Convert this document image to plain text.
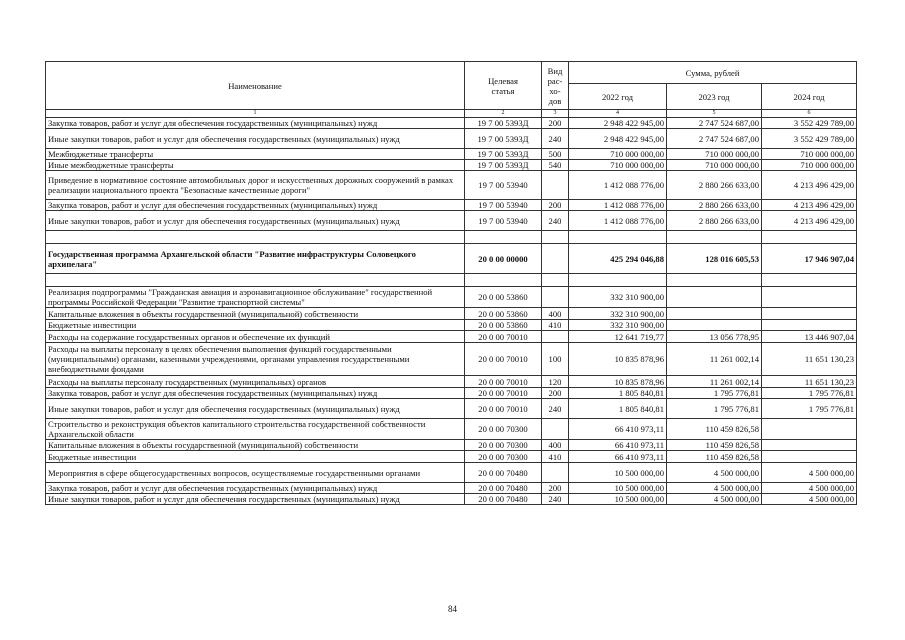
Наименование	Целевая статья	Вид рас- хо- дов	Сумма, рублей		
			2022 год	2023 год	2024 год
1	2	3	4	5	6
Закупка товаров, работ и услуг для обеспечения государственных (муниципальных) нужд	19 7 00 5393Д	200	2 948 422 945,00	2 747 524 687,00	3 552 429 789,00
Иные закупки товаров, работ и услуг для обеспечения государственных (муниципальных) нужд	19 7 00 5393Д	240	2 948 422 945,00	2 747 524 687,00	3 552 429 789,00
Межбюджетные трансферты	19 7 00 5393Д	500	710 000 000,00	710 000 000,00	710 000 000,00
Иные межбюджетные трансферты	19 7 00 5393Д	540	710 000 000,00	710 000 000,00	710 000 000,00
Приведение в нормативное состояние автомобильных дорог и искусственных дорожных сооружений в рамках реализации национального проекта "Безопасные качественные дороги"	19 7 00 53940		1 412 088 776,00	2 880 266 633,00	4 213 496 429,00
Закупка товаров, работ и услуг для обеспечения государственных (муниципальных) нужд	19 7 00 53940	200	1 412 088 776,00	2 880 266 633,00	4 213 496 429,00
Иные закупки товаров, работ и услуг для обеспечения государственных (муниципальных) нужд	19 7 00 53940	240	1 412 088 776,00	2 880 266 633,00	4 213 496 429,00

Государственная программа Архангельской области "Развитие инфраструктуры Соловецкого архипелага"	20 0 00 00000		425 294 046,88	128 016 605,53	17 946 907,04

Реализация подпрограммы "Гражданская авиация и аэронавигационное обслуживание" государственной программы Российской Федерации "Развитие транспортной системы"	20 0 00 53860		332 310 900,00		
Капитальные вложения в объекты государственной (муниципальной) собственности	20 0 00 53860	400	332 310 900,00		
Бюджетные инвестиции	20 0 00 53860	410	332 310 900,00		
Расходы на содержание государственных органов и обеспечение их функций	20 0 00 70010		12 641 719,77	13 056 778,95	13 446 907,04
Расходы на выплаты персоналу в целях обеспечения выполнения функций государственными (муниципальными) органами, казенными учреждениями, органами управления государственными внебюджетными фондами	20 0 00 70010	100	10 835 878,96	11 261 002,14	11 651 130,23
Расходы на выплаты персоналу государственных (муниципальных) органов	20 0 00 70010	120	10 835 878,96	11 261 002,14	11 651 130,23
Закупка товаров, работ и услуг для обеспечения государственных (муниципальных) нужд	20 0 00 70010	200	1 805 840,81	1 795 776,81	1 795 776,81
Иные закупки товаров, работ и услуг для обеспечения государственных (муниципальных) нужд	20 0 00 70010	240	1 805 840,81	1 795 776,81	1 795 776,81
Строительство и реконструкция объектов капитального строительства государственной собственности Архангельской области	20 0 00 70300		66 410 973,11	110 459 826,58	
Капитальные вложения в объекты государственной (муниципальной) собственности	20 0 00 70300	400	66 410 973,11	110 459 826,58	
Бюджетные инвестиции	20 0 00 70300	410	66 410 973,11	110 459 826,58	
Мероприятия в сфере общегосударственных вопросов, осуществляемые государственными органами	20 0 00 70480		10 500 000,00	4 500 000,00	4 500 000,00
Закупка товаров, работ и услуг для обеспечения государственных (муниципальных) нужд	20 0 00 70480	200	10 500 000,00	4 500 000,00	4 500 000,00
Иные закупки товаров, работ и услуг для обеспечения государственных (муниципальных) нужд	20 0 00 70480	240	10 500 000,00	4 500 000,00	4 500 000,00
84
